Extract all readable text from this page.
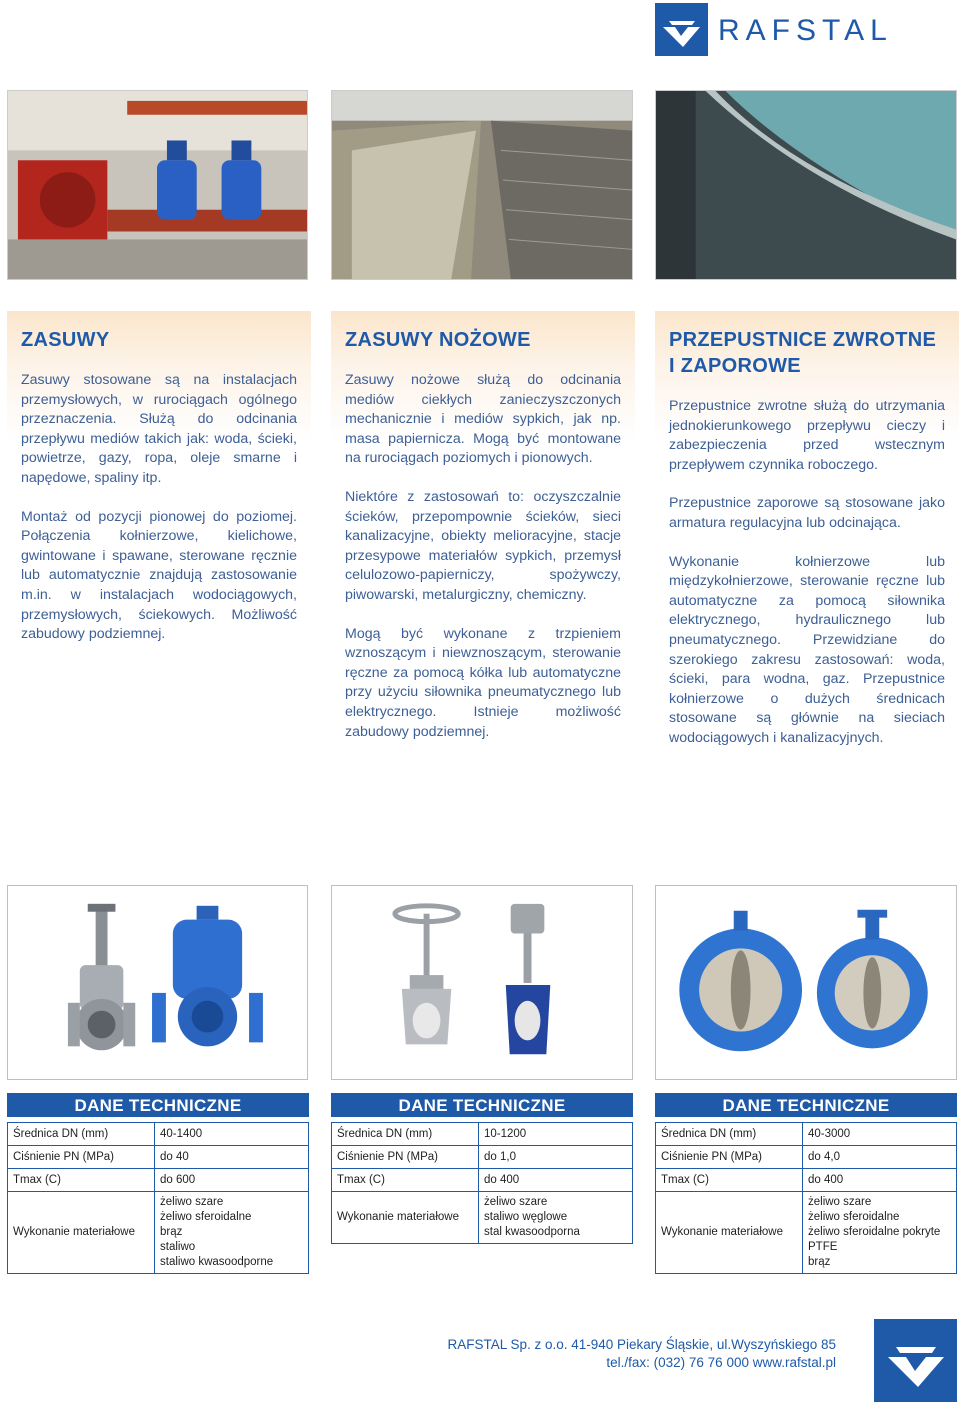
RAFSTAL
ZASUWY

Zasuwy stosowane są na instalacjach przemysłowych, w rurociągach ogólnego przeznaczenia. Służą do odcinania przepływu mediów takich jak: woda, ścieki, powietrze, gazy, ropa, oleje smarne i napędowe, spaliny itp.

Montaż od pozycji pionowej do poziomej. Połączenia kołnierzowe, kielichowe, gwintowane i spawane, sterowane ręcznie lub automatycznie znajdują zastosowanie m.in. w instalacjach wodociągowych, przemysłowych, ściekowych. Możliwość zabudowy podziemnej.

ZASUWY NOŻOWE

Zasuwy nożowe służą do odcinania mediów ciekłych zanieczyszczonych mechanicznie i mediów sypkich, jak np. masa papiernicza. Mogą być montowane na rurociągach poziomych i pionowych.

Niektóre z zastosowań to: oczyszczalnie ścieków, przepompownie ścieków, sieci kanalizacyjne, obiekty melioracyjne, stacje przesypowe materiałów sypkich, przemysł celulozowo-papierniczy, spożywczy, piwowarski, metalurgiczny, chemiczny.

Mogą być wykonane z trzpieniem wznoszącym i niewznoszącym, sterowanie ręczne za pomocą kółka lub automatyczne przy użyciu siłownika pneumatycznego lub elektrycznego. Istnieje możliwość zabudowy podziemnej.

PRZEPUSTNICE ZWROTNE
I ZAPOROWE

Przepustnice zwrotne służą do utrzymania jednokierunkowego przepływu cieczy i zabezpieczenia przed wstecznym przepływem czynnika roboczego.

Przepustnice zaporowe są stosowane jako armatura regulacyjna lub odcinająca.

Wykonanie kołnierzowe lub międzykołnierzowe, sterowanie ręczne lub automatyczne za pomocą siłownika elektrycznego, hydraulicznego lub pneumatycznego. Przewidziane do szerokiego zakresu zastosowań: woda, ścieki, para wodna, gaz. Przepustnice kołnierzowe o dużych średnicach stosowane są głównie na sieciach wodociągowych i kanalizacyjnych.

DANE TECHNICZNE
Średnica DN (mm)	40-1400
Ciśnienie PN (MPa)	do 40
Tmax (C)	do 600
Wykonanie materiałowe	żeliwo szare
żeliwo sferoidalne
brąz
staliwo
staliwo kwasoodporne
DANE TECHNICZNE
Średnica DN (mm)	10-1200
Ciśnienie PN (MPa)	do 1,0
Tmax (C)	do 400
Wykonanie materiałowe	żeliwo szare
staliwo węglowe
stal kwasoodporna
DANE TECHNICZNE
Średnica DN (mm)	40-3000
Ciśnienie PN (MPa)	do 4,0
Tmax (C)	do 400
Wykonanie materiałowe	żeliwo szare
żeliwo sferoidalne
żeliwo sferoidalne pokryte PTFE
brąz
RAFSTAL Sp. z o.o. 41-940 Piekary Śląskie, ul.Wyszyńskiego 85
tel./fax: (032) 76 76 000 www.rafstal.pl
